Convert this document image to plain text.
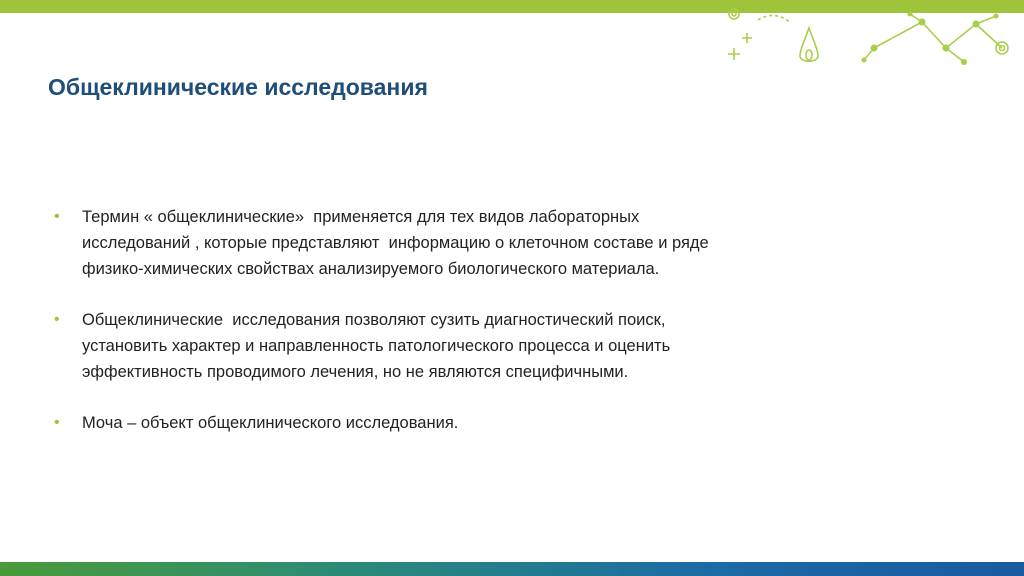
Общеклинические исследования
• Термин « общеклинические»  применяется для тех видов лабораторных
исследований , которые представляют  информацию о клеточном составе и ряде
физико-химических свойствах анализируемого биологического материала.
• Общеклинические  исследования позволяют сузить диагностический поиск,
установить характер и направленность патологического процесса и оценить
эффективность проводимого лечения, но не являются специфичными.
• Моча – объект общеклинического исследования.
